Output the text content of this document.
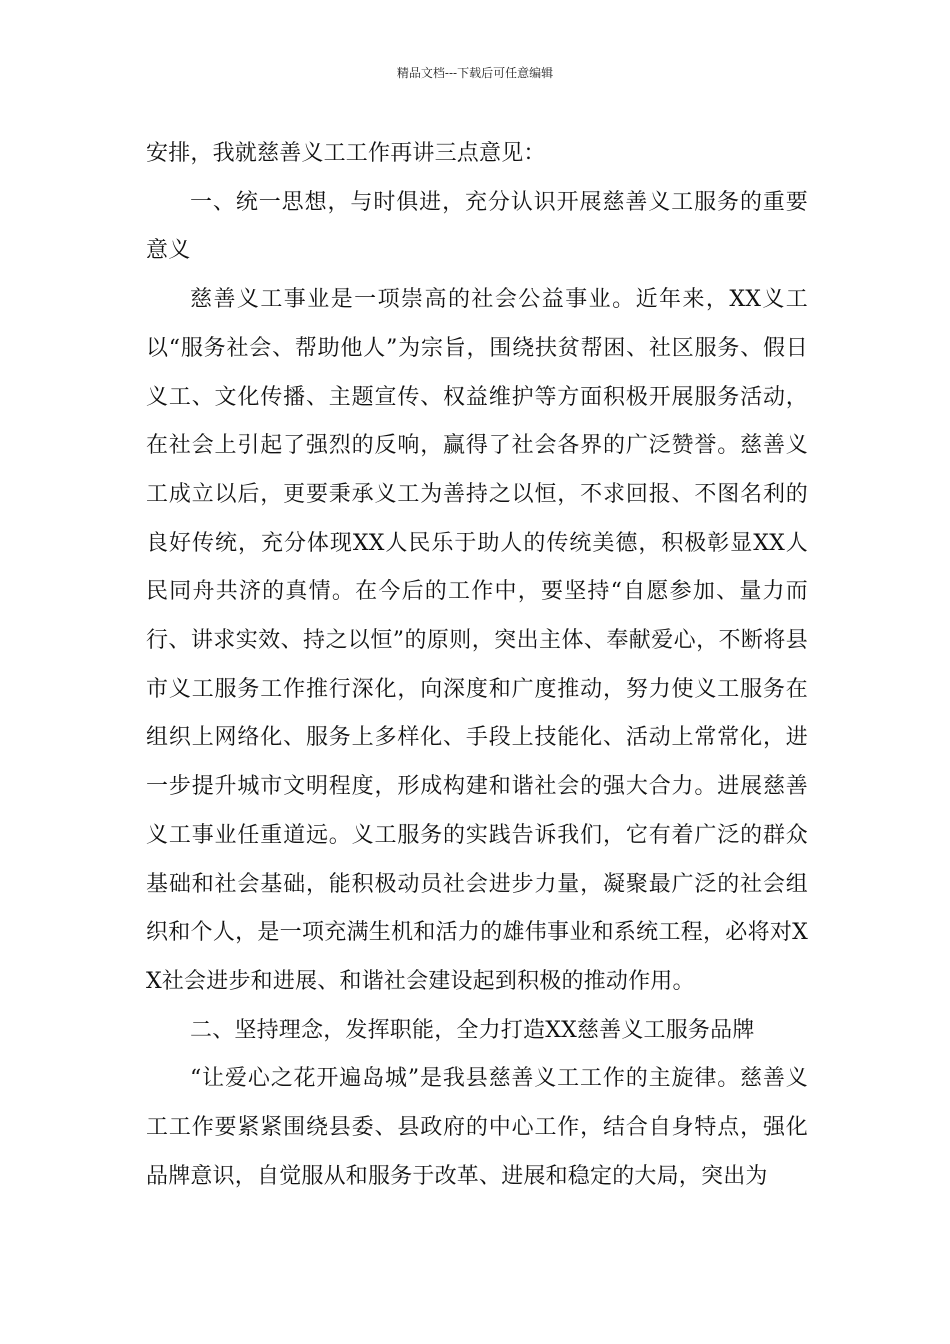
精品文档---下载后可任意编辑

安排，我就慈善义工工作再讲三点意见：

一、统一思想，与时俱进，充分认识开展慈善义工服务的重要意义

慈善义工事业是一项崇高的社会公益事业。近年来，XX义工以“服务社会、帮助他人”为宗旨，围绕扶贫帮困、社区服务、假日义工、文化传播、主题宣传、权益维护等方面积极开展服务活动，在社会上引起了强烈的反响，赢得了社会各界的广泛赞誉。慈善义工成立以后，更要秉承义工为善持之以恒，不求回报、不图名利的良好传统，充分体现XX人民乐于助人的传统美德，积极彰显XX人民同舟共济的真情。在今后的工作中，要坚持“自愿参加、量力而行、讲求实效、持之以恒”的原则，突出主体、奉献爱心，不断将县市义工服务工作推行深化，向深度和广度推动，努力使义工服务在组织上网络化、服务上多样化、手段上技能化、活动上常常化，进一步提升城市文明程度，形成构建和谐社会的强大合力。进展慈善义工事业任重道远。义工服务的实践告诉我们，它有着广泛的群众基础和社会基础，能积极动员社会进步力量，凝聚最广泛的社会组织和个人，是一项充满生机和活力的雄伟事业和系统工程，必将对XX社会进步和进展、和谐社会建设起到积极的推动作用。

二、坚持理念，发挥职能，全力打造XX慈善义工服务品牌

“让爱心之花开遍岛城”是我县慈善义工工作的主旋律。慈善义工工作要紧紧围绕县委、县政府的中心工作，结合自身特点，强化品牌意识，自觉服从和服务于改革、进展和稳定的大局，突出为
